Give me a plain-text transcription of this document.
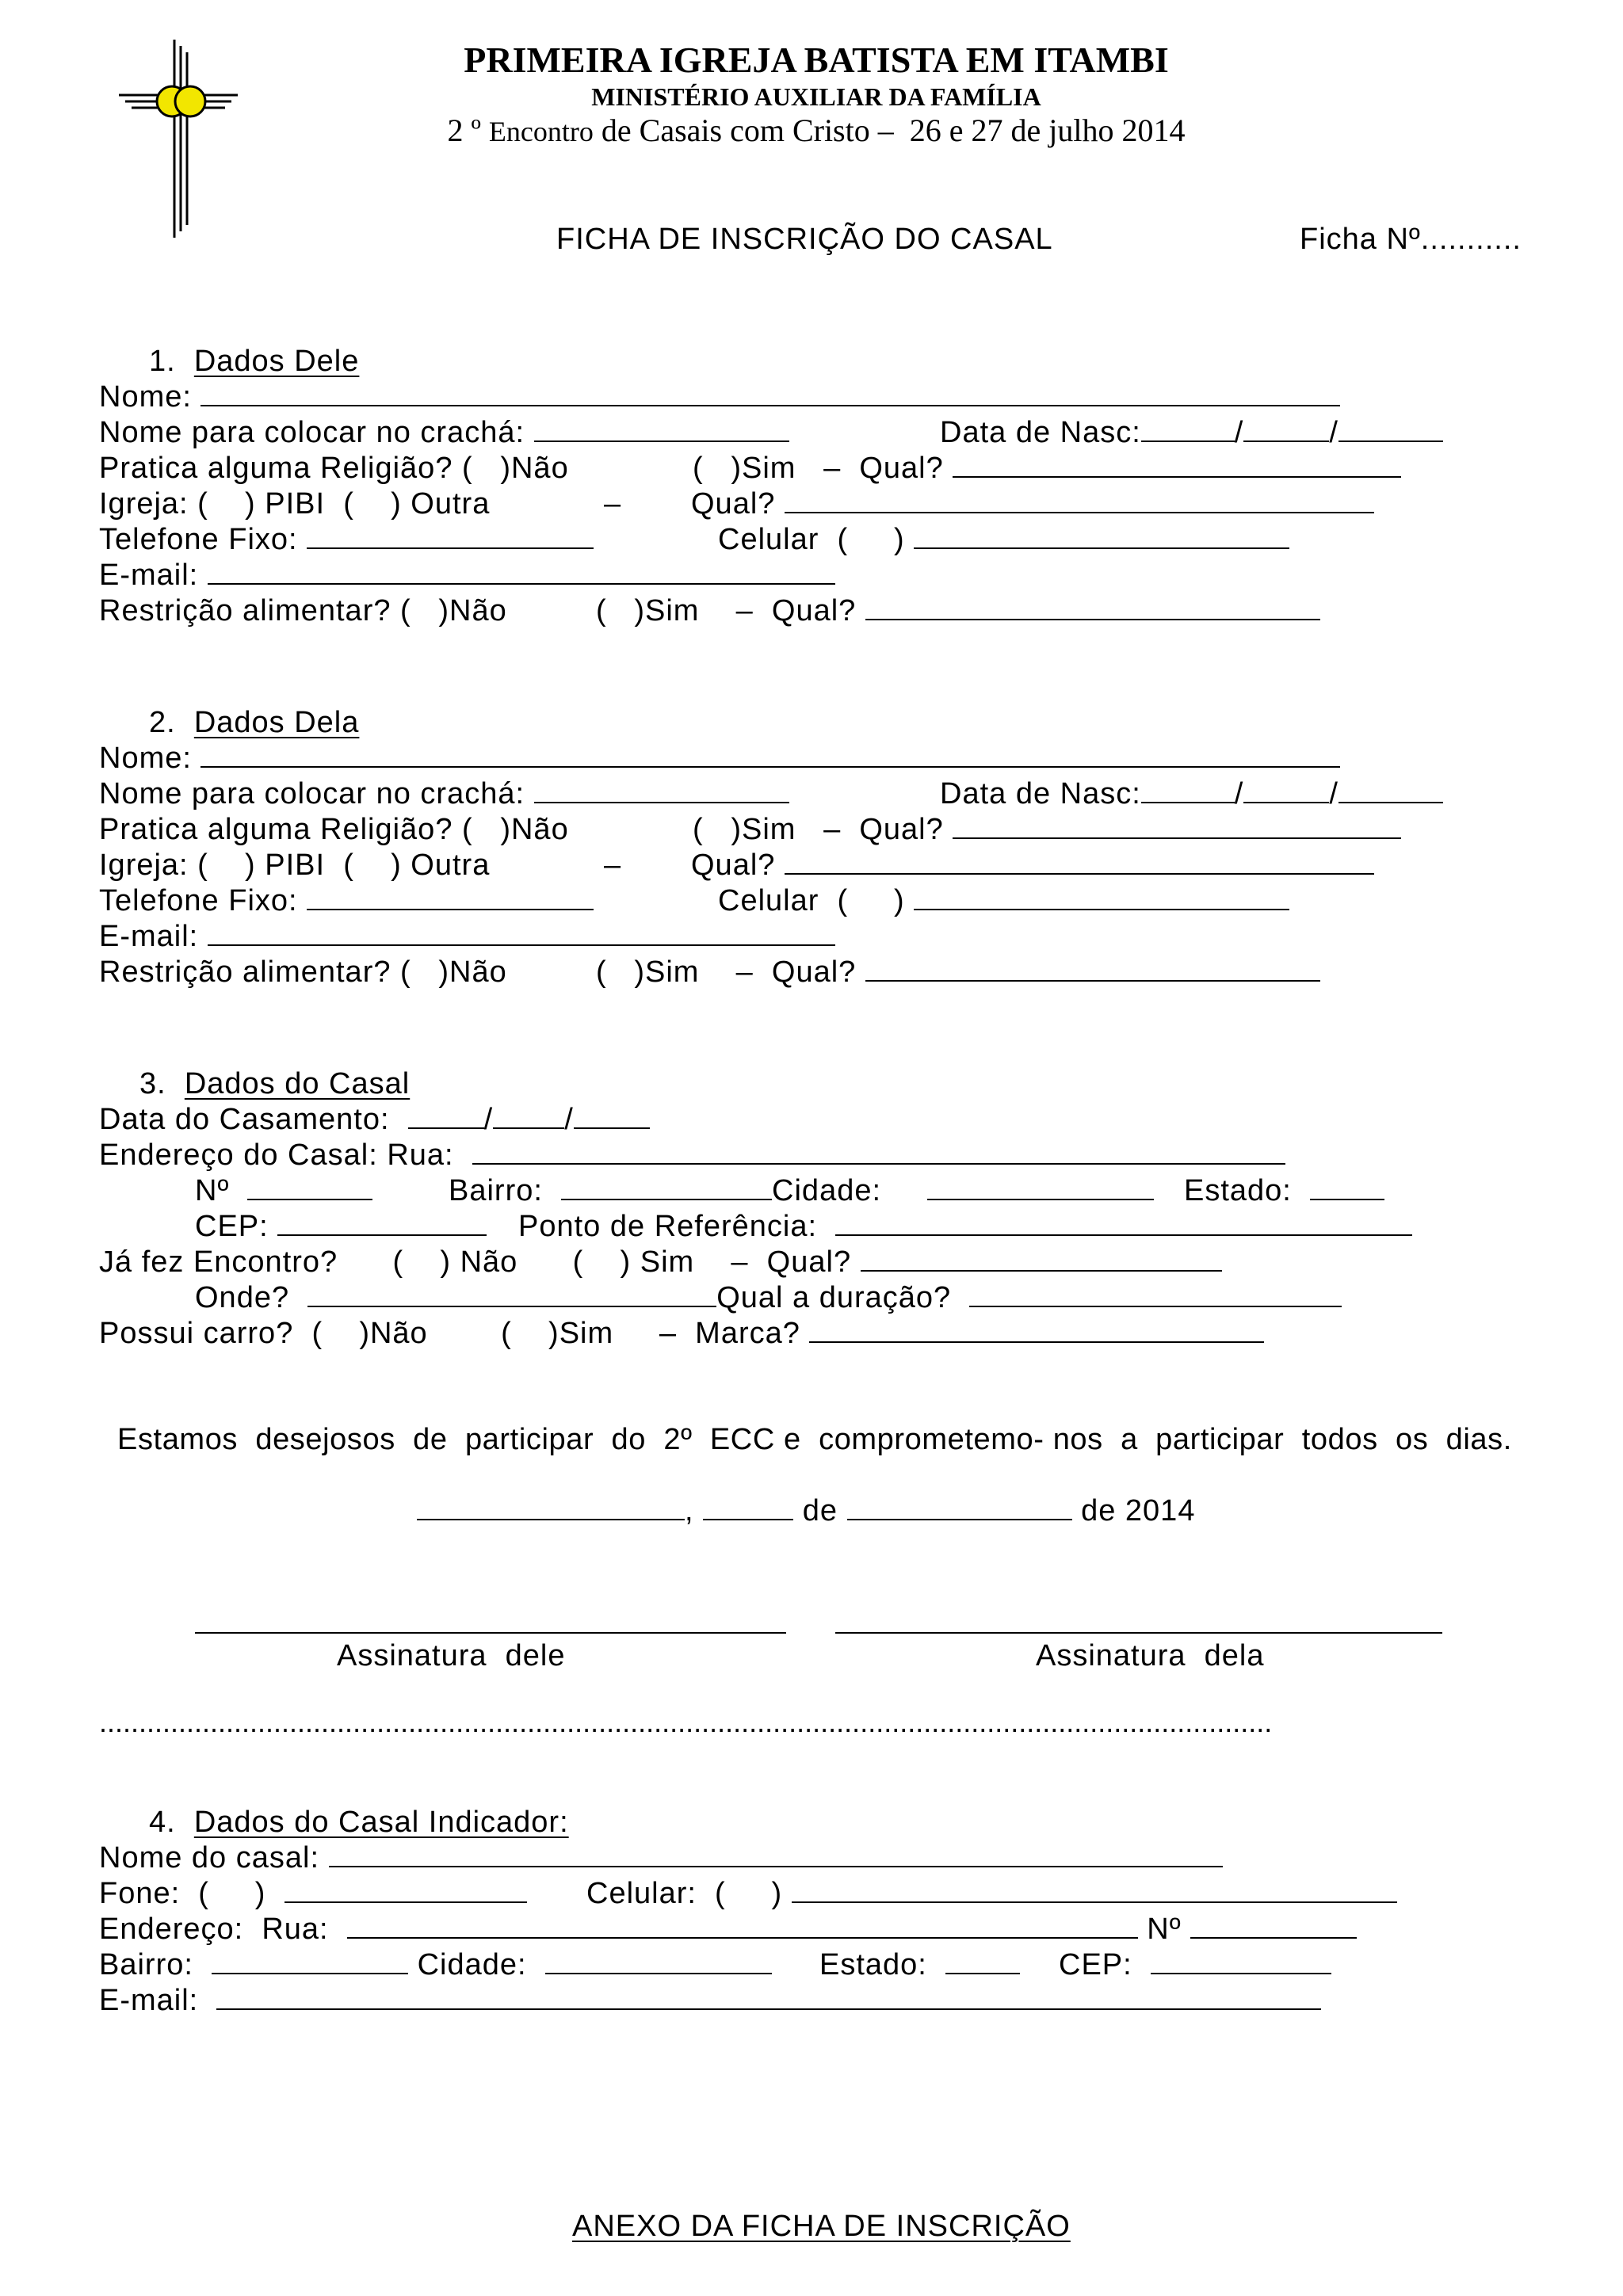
PRIMEIRA IGREJA BATISTA EM ITAMBI
MINISTÉRIO AUXILIAR DA FAMÍLIA
2 º Encontro de Casais com Cristo –  26 e 27 de julho 2014
FICHA DE INSCRIÇÃO DO CASAL	Ficha Nº...........
1. Dados Dele
Nome:
Nome para colocar no crachá:	Data de Nasc:	/	/
Pratica alguma Religião? (   )Não	(   )Sim   –  Qual?
Igreja: (    ) PIBI  (    ) Outra	– Qual?
Telefone Fixo:	Celular  (     )
E-mail:
Restrição alimentar? (   )Não	(   )Sim    –  Qual?
2. Dados Dela
Nome:
Nome para colocar no crachá:	Data de Nasc:	/	/
Pratica alguma Religião? (   )Não	(   )Sim   –  Qual?
Igreja: (    ) PIBI  (    ) Outra	– Qual?
Telefone Fixo:	Celular  (     )
E-mail:
Restrição alimentar? (   )Não	(   )Sim    –  Qual?
3. Dados do Casal
Data do Casamento:	/ /
Endereço do Casal: Rua:
Nº	Bairro:	Cidade:	Estado:
CEP:	Ponto de Referência:
Já fez Encontro?      (    ) Não      (    ) Sim    –  Qual?
Onde?	Qual a duração?
Possui carro?  (    )Não        (    )Sim     –  Marca?
Estamos  desejosos  de  participar  do  2º  ECC e  comprometemo- nos  a  participar  todos  os  dias.
,	de	de 2014
Assinatura  dele	Assinatura  dela
....................................................................................................................................................
4. Dados do Casal Indicador:
Nome do casal:
Fone:  (     )	Celular:  (     )
Endereço:  Rua:	Nº
Bairro:	Cidade:	Estado:	CEP:
E-mail:
ANEXO DA FICHA DE INSCRIÇÃO
